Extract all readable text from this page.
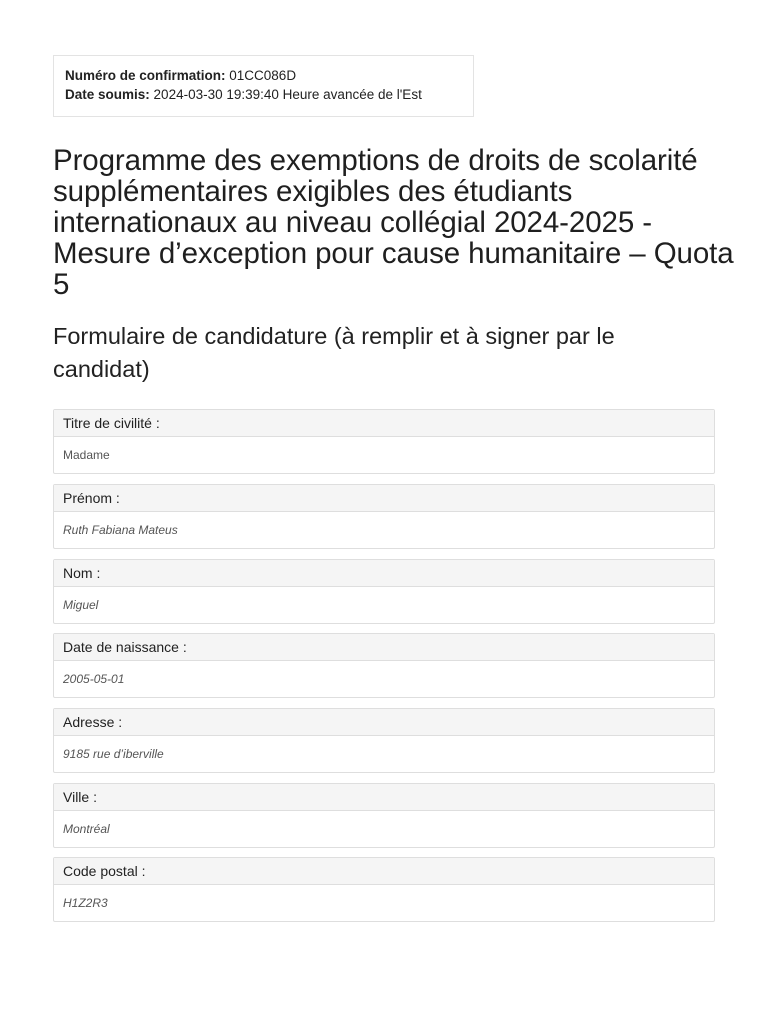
Numéro de confirmation: 01CC086D
Date soumis: 2024-03-30 19:39:40 Heure avancée de l'Est
Programme des exemptions de droits de scolarité supplémentaires exigibles des étudiants internationaux au niveau collégial 2024-2025 - Mesure d’exception pour cause humanitaire – Quota 5
Formulaire de candidature (à remplir et à signer par le candidat)
Titre de civilité :
Madame
Prénom :
Ruth Fabiana Mateus
Nom :
Miguel
Date de naissance :
2005-05-01
Adresse :
9185 rue d’iberville
Ville :
Montréal
Code postal :
H1Z2R3
